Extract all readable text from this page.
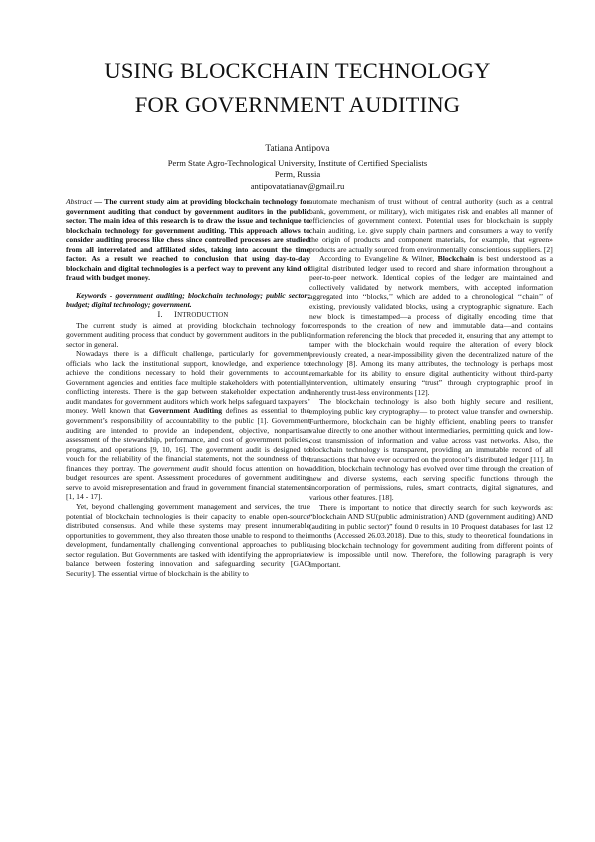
USING BLOCKCHAIN TECHNOLOGY
FOR GOVERNMENT AUDITING
Tatiana Antipova
Perm State Agro-Technological University, Institute of Certified Specialists
Perm, Russia
antipovatatianav@gmail.ru

Abstract — The current study aim at providing blockchain technology for government auditing that conduct by government auditors in the public sector. The main idea of this research is to draw the issue and technique to blockchain technology for government auditing. This approach allows to consider auditing process like chess since controlled processes are studied from all interrelated and affiliated sides, taking into account the time factor. As a result we reached to conclusion that using day-to-day blockchain and digital technologies is a perfect way to prevent any kind of fraud with budget money.

Keywords - government auditing; blockchain technology; public sector; budget; digital technology; government.

I. INTRODUCTION

The current study is aimed at providing blockchain technology for government auditing process that conduct by government auditors in the public sector in general.

Nowadays there is a difficult challenge, particularly for government officials who lack the institutional support, knowledge, and experience to achieve the conditions necessary to hold their governments to account. Government agencies and entities face multiple stakeholders with potentially conflicting interests. There is the gap between stakeholder expectation and audit mandates for government auditors which work helps safeguard taxpayers’ money. Well known that Government Auditing defines as essential to the government’s responsibility of accountability to the public [1]. Government auditing are intended to provide an independent, objective, nonpartisan assessment of the stewardship, performance, and cost of government policies, programs, and operations [9, 10, 16]. The government audit is designed to vouch for the reliability of the financial statements, not the soundness of the finances they portray. The government audit should focus attention on how budget resources are spent. Assessment procedures of government auditing serve to avoid misrepresentation and fraud in government financial statements [1, 14 - 17].

Yet, beyond challenging government management and services, the true potential of blockchain technologies is their capacity to enable open-source distributed consensus. And while these systems may present innumerable opportunities to government, they also threaten those unable to respond to their development, fundamentally challenging conventional approaches to public sector regulation. But Governments are tasked with identifying the appropriate balance between fostering innovation and safeguarding security [GAO Security]. The essential virtue of blockchain is the ability to

automate mechanism of trust without of central authority (such as a central bank, government, or military), wich mitigates risk and enables all manner of efficiencies of government context. Potential uses for blockchain is supply chain auditing, i.e. give supply chain partners and consumers a way to verify the origin of products and component materials, for example, that «green» products are actually sourced from environmentally conscientious suppliers. [2]

According to Evangeline & Wilner, Blockchain is best understood as a digital distributed ledger used to record and share information throughout a peer-to-peer network. Identical copies of the ledger are maintained and collectively validated by network members, with accepted information aggregated into ‘‘blocks,’’ which are added to a chronological ‘‘chain’’ of existing, previously validated blocks, using a cryptographic signature. Each new block is timestamped—a process of digitally encoding time that corresponds to the creation of new and immutable data—and contains information referencing the block that preceded it, ensuring that any attempt to tamper with the blockchain would require the alteration of every block previously created, a near-impossibility given the decentralized nature of the technology [8]. Among its many attributes, the technology is perhaps most remarkable for its ability to ensure digital authenticity without third-party intervention, ultimately ensuring “trust” through cryptographic proof in inherently trust-less environments [12].

The blockchain technology is also both highly secure and resilient, employing public key cryptography— to protect value transfer and ownership. Furthermore, blockchain can be highly efficient, enabling peers to transfer value directly to one another without intermediaries, permitting quick and low-cost transmission of information and value across vast networks. Also, the blockchain technology is transparent, providing an immutable record of all transactions that have ever occurred on the protocol’s distributed ledger [11]. In addition, blockchain technology has evolved over time through the creation of new and diverse systems, each serving specific functions through the incorporation of permissions, rules, smart contracts, digital signatures, and various other features. [18].

There is important to notice that directly search for such keywords as: “blockchain AND SU(public administration) AND (government auditing) AND (auditing in public sector)” found 0 results in 10 Proquest databases for last 12 months (Accessed 26.03.2018). Due to this, study to theoretical foundations in using blockchain technology for government auditing from different points of view is impossible until now. Therefore, the following paragraph is very important.
